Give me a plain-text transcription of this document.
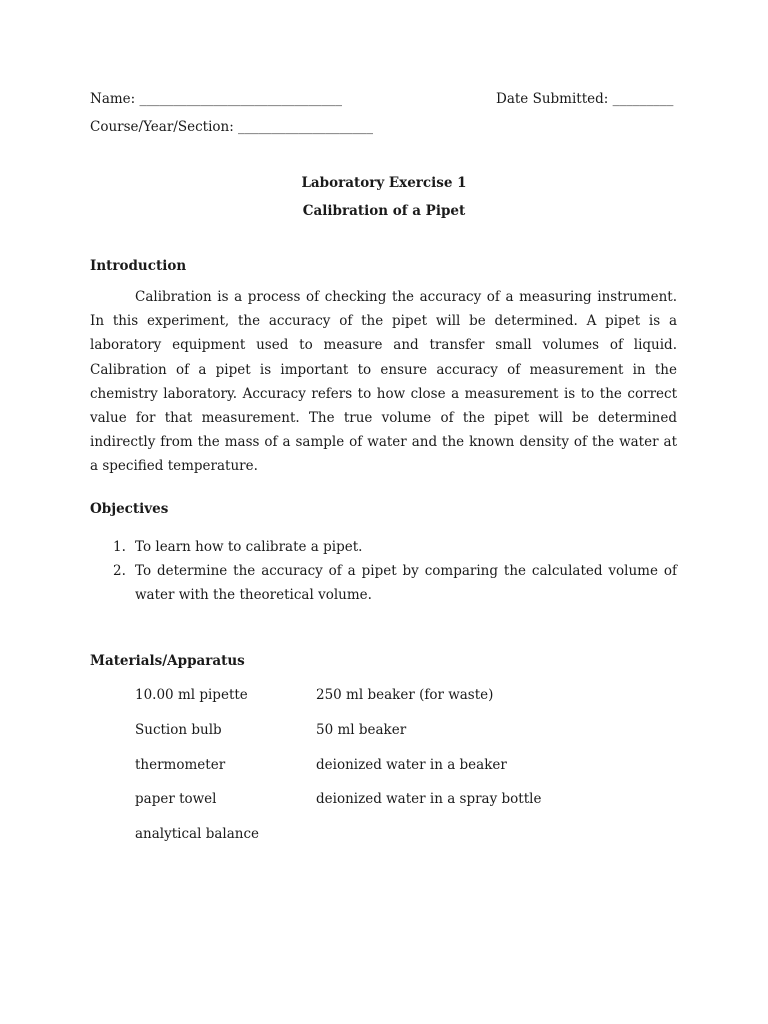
Name: ______________________________	Date Submitted: _________
Course/Year/Section: ____________________
Laboratory Exercise 1
Calibration of a Pipet
Introduction

Calibration is a process of checking the accuracy of a measuring instrument. In this experiment, the accuracy of the pipet will be determined. A pipet is a laboratory equipment used to measure and transfer small volumes of liquid. Calibration of a pipet is important to ensure accuracy of measurement in the chemistry laboratory. Accuracy refers to how close a measurement is to the correct value for that measurement. The true volume of the pipet will be determined indirectly from the mass of a sample of water and the known density of the water at a specified temperature.

Objectives
1. To learn how to calibrate a pipet.
2. To determine the accuracy of a pipet by comparing the calculated volume of water with the theoretical volume.
Materials/Apparatus
10.00 ml pipette	250 ml beaker (for waste)
Suction bulb	50 ml beaker
thermometer	deionized water in a beaker
paper towel	deionized water in a spray bottle
analytical balance
